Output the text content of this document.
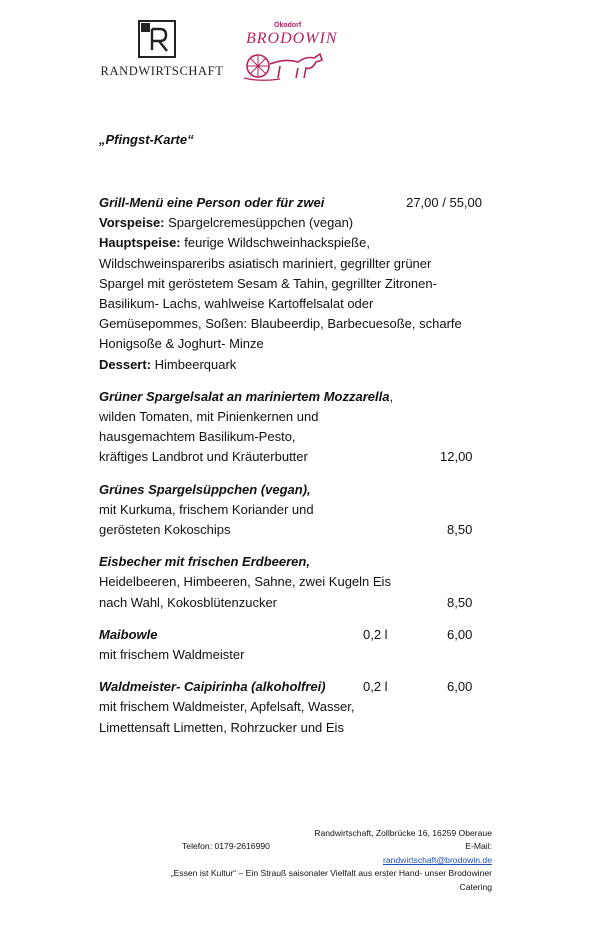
RANDWIRTSCHAFT
Ökodorf
BRODOWIN
„Pfingst-Karte“
Grill-Menü eine Person oder für zwei	27,00 / 55,00
Vorspeise: Spargelcremesüppchen (vegan)
Hauptspeise: feurige Wildschweinhackspieße,
Wildschweinspareribs asiatisch mariniert, gegrillter grüner
Spargel mit geröstetem Sesam & Tahin, gegrillter Zitronen-
Basilikum- Lachs, wahlweise Kartoffelsalat oder
Gemüsepommes, Soßen: Blaubeerdip, Barbecuesoße, scharfe
Honigsoße & Joghurt- Minze
Dessert: Himbeerquark
Grüner Spargelsalat an mariniertem Mozzarella,
wilden Tomaten, mit Pinienkernen und
hausgemachtem Basilikum-Pesto,
kräftiges Landbrot und Kräuterbutter	12,00
Grünes Spargelsüppchen (vegan),
mit Kurkuma, frischem Koriander und
gerösteten Kokoschips	8,50
Eisbecher mit frischen Erdbeeren,
Heidelbeeren, Himbeeren, Sahne, zwei Kugeln Eis
nach Wahl, Kokosblütenzucker	8,50
Maibowle	0,2 l	6,00
mit frischem Waldmeister
Waldmeister- Caipirinha (alkoholfrei)	0,2 l	6,00
mit frischem Waldmeister, Apfelsaft, Wasser,
Limettensaft Limetten, Rohrzucker und Eis
Randwirtschaft, Zollbrücke 16, 16259 Oberaue
Telefon: 0179-2616990	E-Mail:
randwirtschaft@brodowin.de
„Essen ist Kultur“ – Ein Strauß saisonaler Vielfalt aus erster Hand- unser Brodowiner
Catering
